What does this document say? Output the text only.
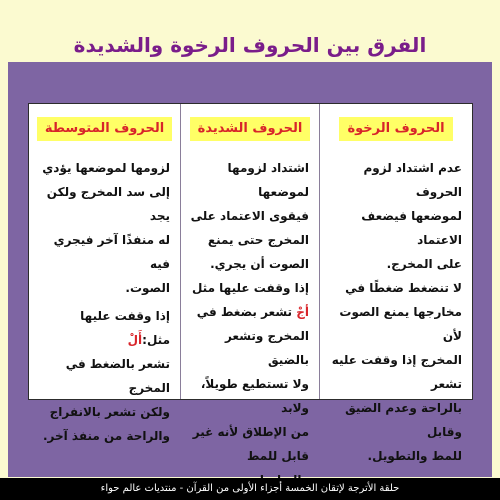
الفرق بين الحروف الرخوة والشديدة
الحروف الرخوة
عدم اشتداد لزوم الحروف
لموضعها فيضعف الاعتماد
على المخرج.
لا تنضغط ضغطًا في
مخارجها يمنع الصوت لأن
المخرج إذا وقفت عليه تشعر
بالراحة وعدم الضيق وقابل
للمط والتطويل.
الحروف الشديدة
اشتداد لزومها لموضعها
فيقوى الاعتماد على
المخرج حتى يمنع
الصوت أن يجري.
إذا وقفت عليها مثل
أجْ تشعر بضغط في
المخرج وتشعر بالضيق
ولا تستطيع طويلاً، ولابد
من الإطلاق لأنه غير
قابل للمط
الحروف المتوسطة
لزومها لموضعها يؤدي
إلى سد المخرج ولكن يجد
له منفذًا آخر فيجري فيه
الصوت.
إذا وقفت عليها مثل:أَلْ
تشعر بالضغط في المخرج
ولكن تشعر بالانفراج
والراحة من منفذ آخر.
حلقة الأترجة لإتقان الخمسة أجزاء الأولى من القرآن - منتديات عالم حواء
